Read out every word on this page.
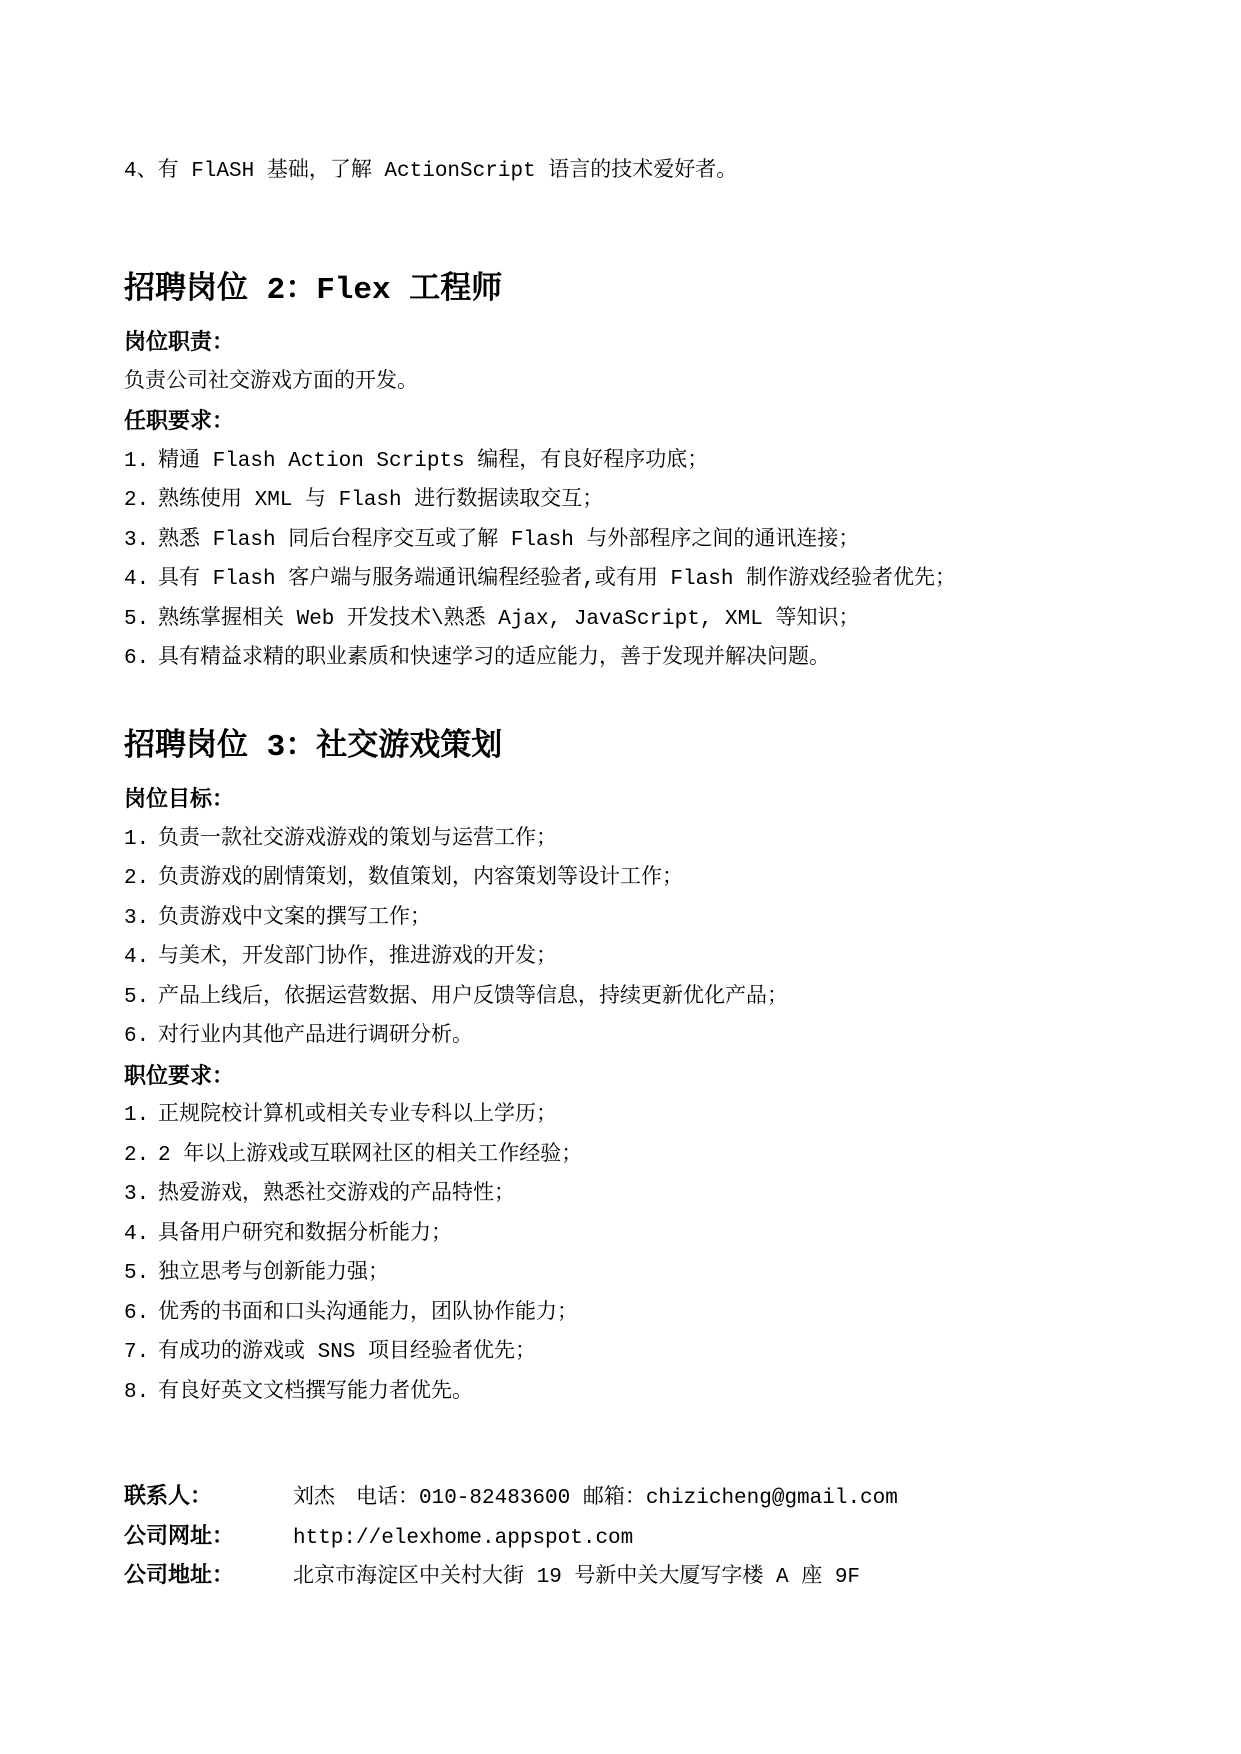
4、有 FlASH 基础，了解 ActionScript 语言的技术爱好者。
招聘岗位 2：Flex 工程师
岗位职责：
负责公司社交游戏方面的开发。
任职要求：
1. 精通 Flash Action Scripts 编程，有良好程序功底；
2. 熟练使用 XML 与 Flash 进行数据读取交互；
3. 熟悉 Flash 同后台程序交互或了解 Flash 与外部程序之间的通讯连接；
4. 具有 Flash 客户端与服务端通讯编程经验者,或有用 Flash 制作游戏经验者优先；
5. 熟练掌握相关 Web 开发技术\熟悉 Ajax, JavaScript, XML 等知识；
6. 具有精益求精的职业素质和快速学习的适应能力，善于发现并解决问题。
招聘岗位 3：社交游戏策划
岗位目标：
1. 负责一款社交游戏游戏的策划与运营工作；
2. 负责游戏的剧情策划，数值策划，内容策划等设计工作；
3. 负责游戏中文案的撰写工作；
4. 与美术，开发部门协作，推进游戏的开发；
5. 产品上线后，依据运营数据、用户反馈等信息，持续更新优化产品；
6. 对行业内其他产品进行调研分析。
职位要求：
1. 正规院校计算机或相关专业专科以上学历；
2. 2 年以上游戏或互联网社区的相关工作经验；
3. 热爱游戏，熟悉社交游戏的产品特性；
4. 具备用户研究和数据分析能力；
5. 独立思考与创新能力强；
6. 优秀的书面和口头沟通能力，团队协作能力；
7. 有成功的游戏或 SNS 项目经验者优先；
8. 有良好英文文档撰写能力者优先。
联系人：	刘杰　电话：010-82483600 邮箱：chizicheng@gmail.com
公司网址：	http://elexhome.appspot.com
公司地址：	北京市海淀区中关村大街 19 号新中关大厦写字楼 A 座 9F
